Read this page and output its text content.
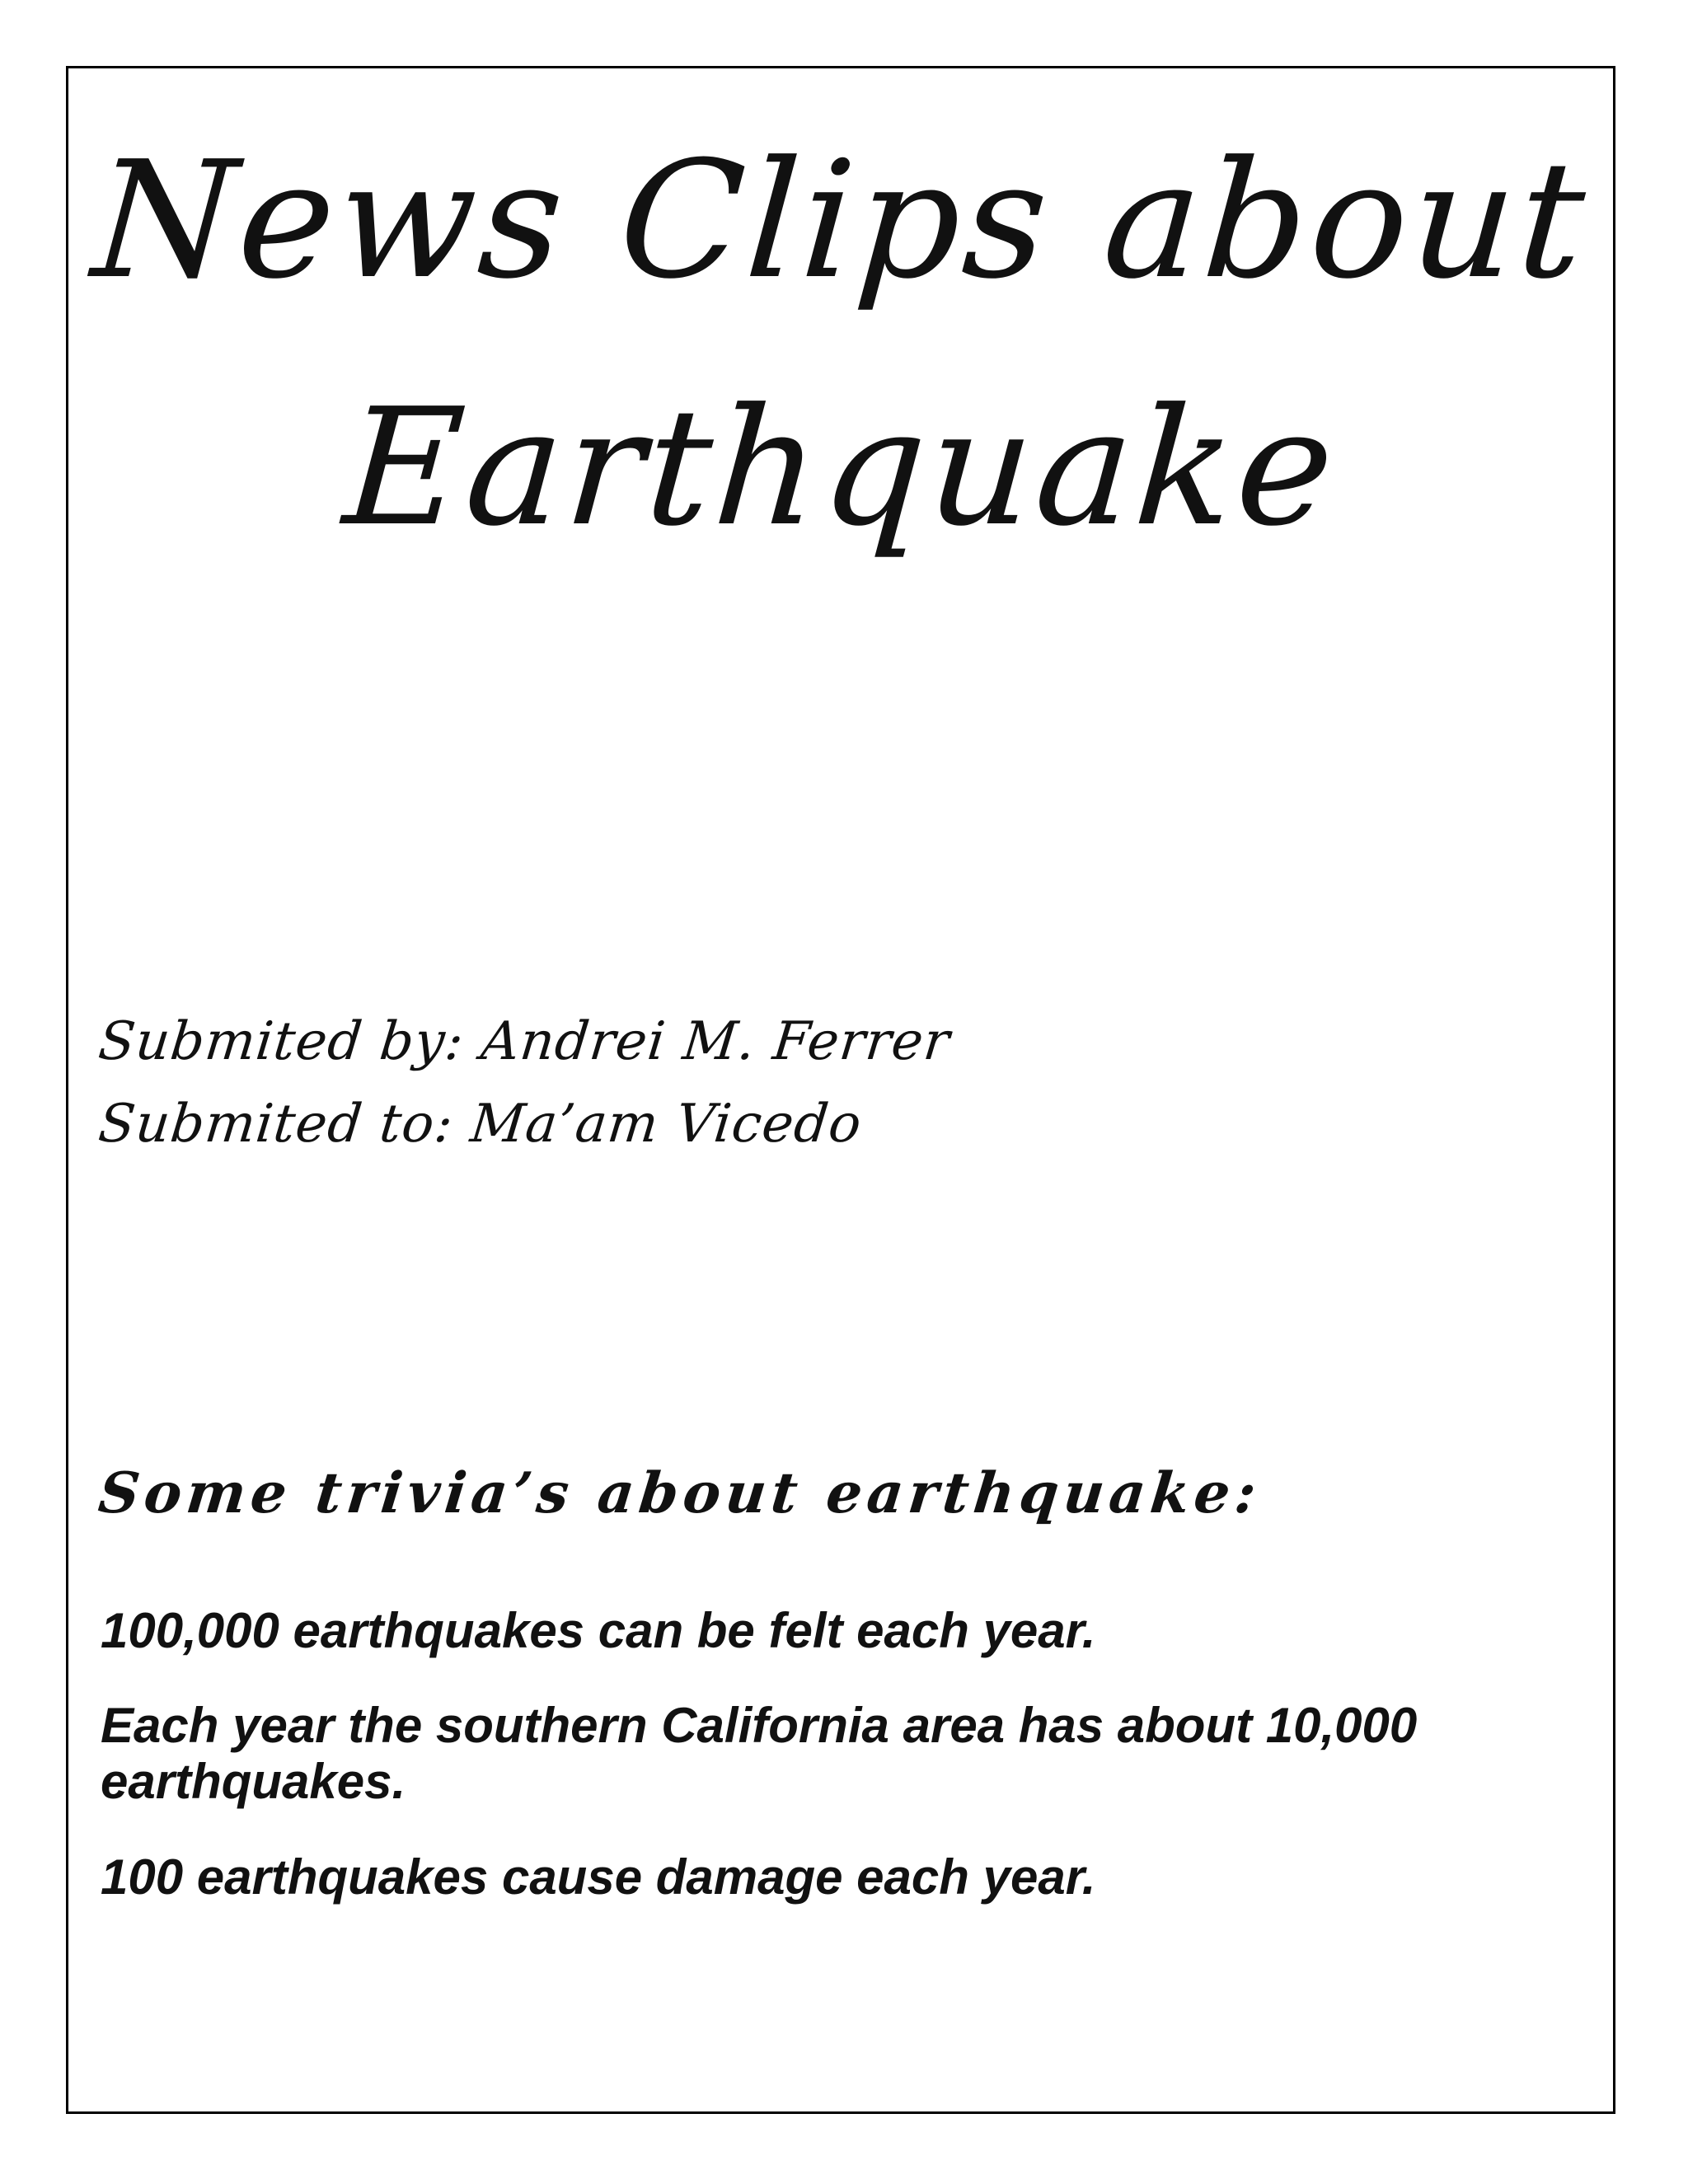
News Clips about
Earthquake
Submited by: Andrei M. Ferrer
Submited to: Ma’am Vicedo
Some trivia’s about earthquake:
100,000 earthquakes can be felt each year.
Each year the southern California area has about 10,000 earthquakes.
100 earthquakes cause damage each year.
